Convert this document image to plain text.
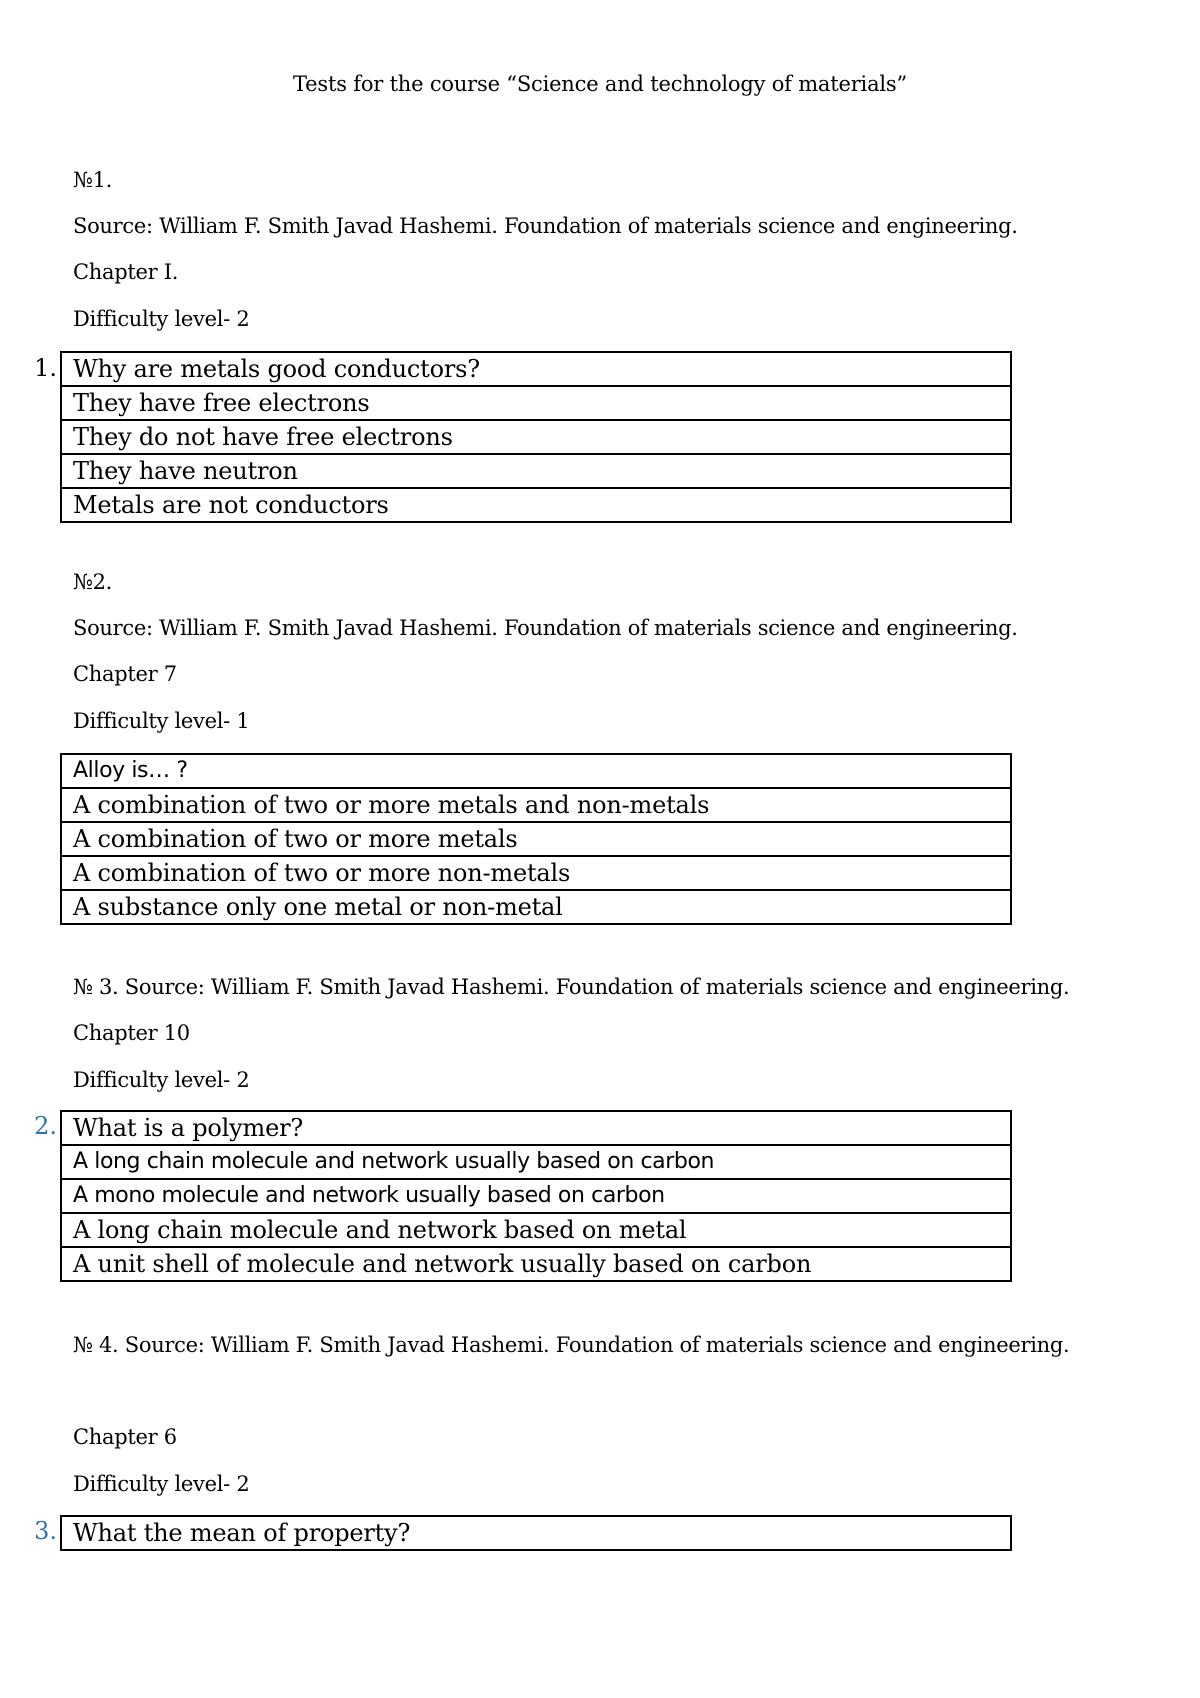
Tests for the course “Science and technology of materials”
№1.
Source: William F. Smith Javad Hashemi. Foundation of materials science and engineering.
Chapter I.
Difficulty level- 2
1. Why are metals good conductors?
They have free electrons
They do not have free electrons
They have neutron
Metals are not conductors
№2.
Source: William F. Smith Javad Hashemi. Foundation of materials science and engineering.
Chapter 7
Difficulty level- 1
Alloy is… ?
A combination of two or more metals and non-metals
A combination of two or more metals
A combination of two or more non-metals
A substance only one metal or non-metal
№ 3. Source: William F. Smith Javad Hashemi. Foundation of materials science and engineering.
Chapter 10
Difficulty level- 2
2. What is a polymer?
A long chain molecule and network usually based on carbon
A mono molecule and network usually based on carbon
A long chain molecule and network based on metal
A unit shell of molecule and network usually based on carbon
№ 4. Source: William F. Smith Javad Hashemi. Foundation of materials science and engineering.
Chapter 6
Difficulty level- 2
3. What the mean of property?
